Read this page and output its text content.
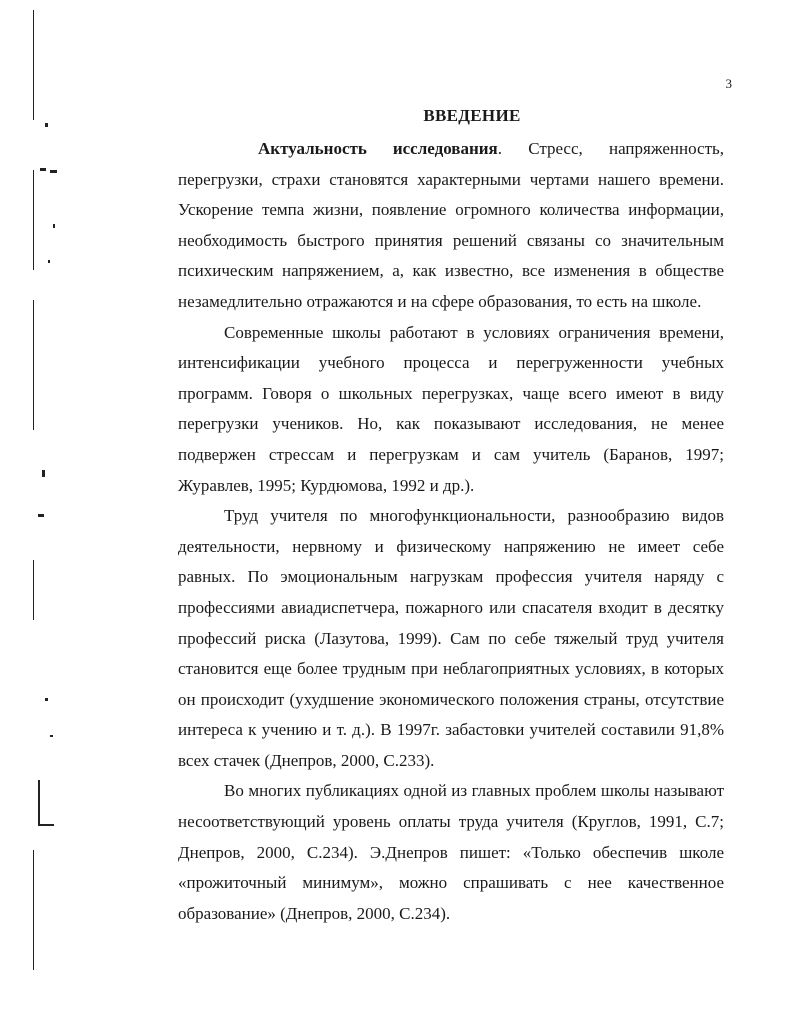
3
ВВЕДЕНИЕ

Актуальность исследования. Стресс, напряженность, перегрузки, страхи становятся характерными чертами нашего времени. Ускорение темпа жизни, появление огромного количества информации, необходимость быстрого принятия решений связаны со значительным психическим напряжением, а, как известно, все изменения в обществе незамедлительно отражаются и на сфере образования, то есть на школе.

Современные школы работают в условиях ограничения времени, интенсификации учебного процесса и перегруженности учебных программ. Говоря о школьных перегрузках, чаще всего имеют в виду перегрузки учеников. Но, как показывают исследования, не менее подвержен стрессам и перегрузкам и сам учитель (Баранов, 1997; Журавлев, 1995; Курдюмова, 1992 и др.).

Труд учителя по многофункциональности, разнообразию видов деятельности, нервному и физическому напряжению не имеет себе равных. По эмоциональным нагрузкам профессия учителя наряду с профессиями авиадиспетчера, пожарного или спасателя входит в десятку профессий риска (Лазутова, 1999). Сам по себе тяжелый труд учителя становится еще более трудным при неблагоприятных условиях, в которых он происходит (ухудшение экономического положения страны, отсутствие интереса к учению и т. д.). В 1997г. забастовки учителей составили 91,8% всех стачек (Днепров, 2000, С.233).

Во многих публикациях одной из главных проблем школы называют несоответствующий уровень оплаты труда учителя (Круглов, 1991, С.7; Днепров, 2000, С.234). Э.Днепров пишет: «Только обеспечив школе «прожиточный минимум», можно спрашивать с нее качественное образование» (Днепров, 2000, С.234).
